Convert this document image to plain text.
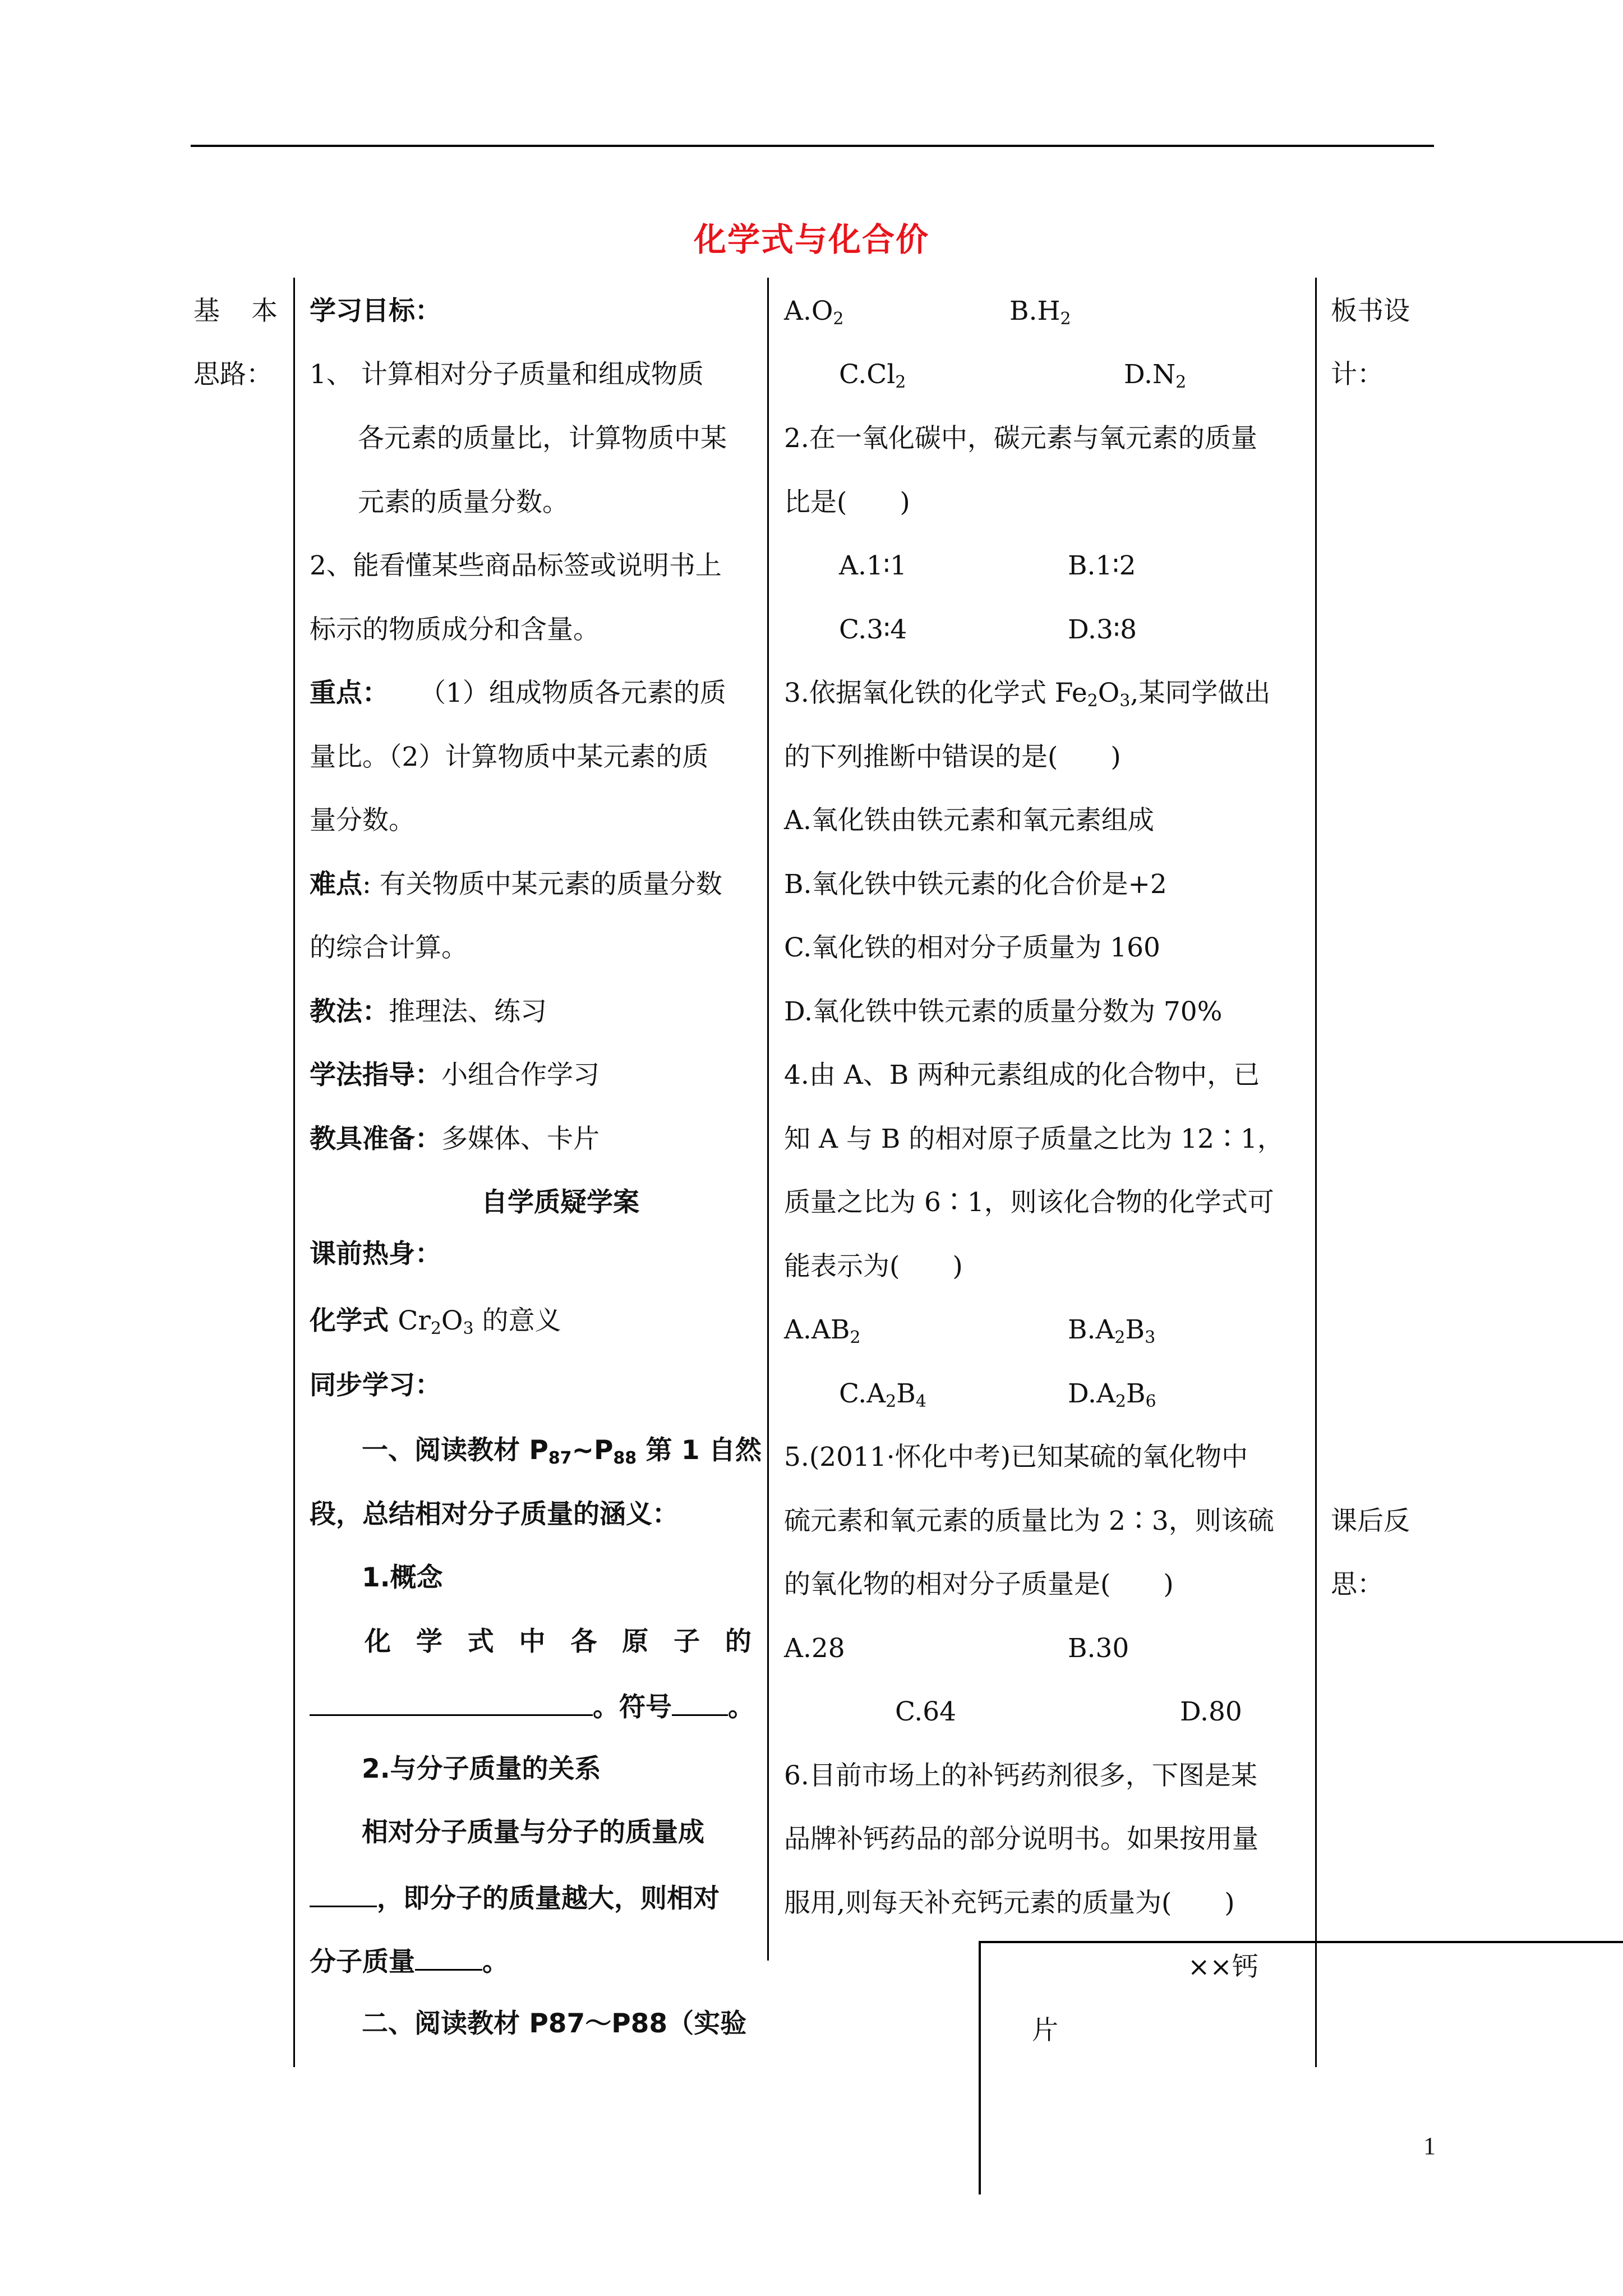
化学式与化合价
基 本
思路：
学习目标：
1、 计算相对分子质量和组成物质
各元素的质量比，计算物质中某
元素的质量分数。
2、能看懂某些商品标签或说明书上
标示的物质成分和含量。
重点： （1）组成物质各元素的质
量比。（2）计算物质中某元素的质
量分数。
难点: 有关物质中某元素的质量分数
的综合计算。
教法：推理法、练习
学法指导：小组合作学习
教具准备：多媒体、卡片
自学质疑学案
课前热身：
化学式 $Cr_2O_3$ 的意义
同步学习：
一、阅读教材 $P_{87}\sim P_{88}$ 第 1 自然
段，总结相对分子质量的涵义：
1.概念
化 学 式 中 各 原 子 的
。符号 。
2.与分子质量的关系
相对分子质量与分子的质量成
，即分子的质量越大，则相对
分子质量	。
二、阅读教材 P87～P88（实验
$A.O_2$	$B.H_2$
$C.Cl_2$	$D.N_2$
2.在一氧化碳中，碳元素与氧元素的质量
比是(　　)
A.1∶1	B.1∶2
C.3∶4	D.3∶8
3.依据氧化铁的化学式 $Fe_2O_3$,某同学做出
的下列推断中错误的是(　　)
A.氧化铁由铁元素和氧元素组成
B.氧化铁中铁元素的化合价是+2
C.氧化铁的相对分子质量为 160
D.氧化铁中铁元素的质量分数为 70%
4.由 A、B 两种元素组成的化合物中，已
知 A 与 B 的相对原子质量之比为 12∶1，
质量之比为 6∶1，则该化合物的化学式可
能表示为(　　)
$A.AB_2$	$B.A_2B_3$
$C.A_2B_4$	$D.A_2B_6$
5.(2011·怀化中考)已知某硫的氧化物中
硫元素和氧元素的质量比为 2∶3，则该硫
的氧化物的相对分子质量是(　　)
A.28	B.30
C.64	D.80
6.目前市场上的补钙药剂很多，下图是某
品牌补钙药品的部分说明书。如果按用量
服用,则每天补充钙元素的质量为(　　)
板 书 设
计：
课 后 反
思：
××钙
片
1
